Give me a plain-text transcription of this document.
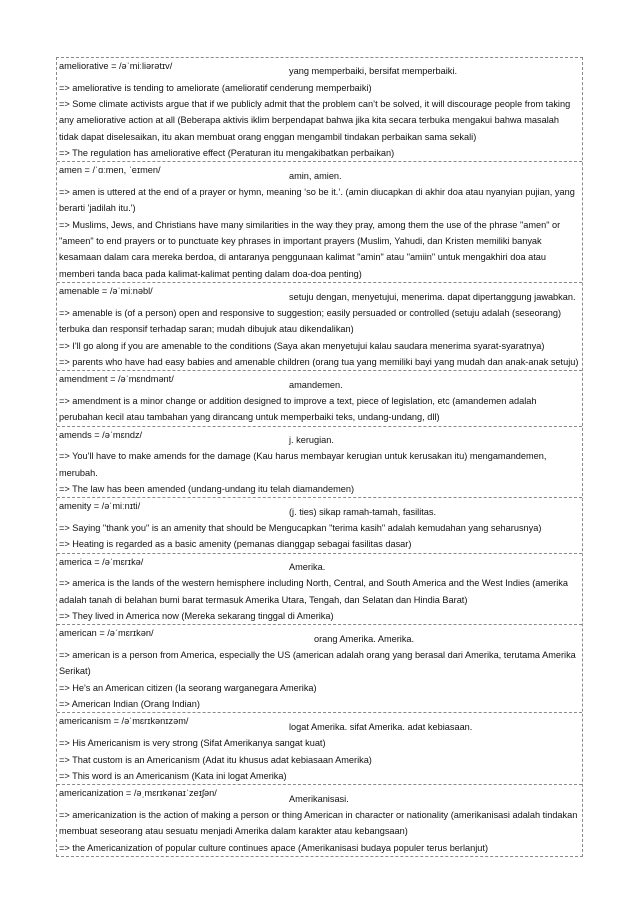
ameliorative = /əˈmiːliərətɪv/yang memperbaiki, bersifat memperbaiki.
=> ameliorative is tending to ameliorate (amelioratif cenderung memperbaiki)
=> Some climate activists argue that if we publicly admit that the problem can’t be solved, it will discourage people from taking any ameliorative action at all (Beberapa aktivis iklim berpendapat bahwa jika kita secara terbuka mengakui bahwa masalah tidak dapat diselesaikan, itu akan membuat orang enggan mengambil tindakan perbaikan sama sekali)
=> The regulation has ameliorative effect (Peraturan itu mengakibatkan perbaikan)
amen = /ˈɑːmen, ˈeɪmen/amin, amien.
=> amen is uttered at the end of a prayer or hymn, meaning ‘so be it.’. (amin diucapkan di akhir doa atau nyanyian pujian, yang berarti 'jadilah itu.')
=> Muslims, Jews, and Christians have many similarities in the way they pray, among them the use of the phrase "amen" or "ameen" to end prayers or to punctuate key phrases in important prayers (Muslim, Yahudi, dan Kristen memiliki banyak kesamaan dalam cara mereka berdoa, di antaranya penggunaan kalimat "amin" atau "amiin" untuk mengakhiri doa atau memberi tanda baca pada kalimat-kalimat penting dalam doa-doa penting)
amenable = /əˈmiːnəbl/setuju dengan, menyetujui, menerima. dapat dipertanggung jawabkan.
=> amenable is (of a person) open and responsive to suggestion; easily persuaded or controlled (setuju adalah (seseorang) terbuka dan responsif terhadap saran; mudah dibujuk atau dikendalikan)
=> I'll go along if you are amenable to the conditions (Saya akan menyetujui kalau saudara menerima syarat-syaratnya)
=> parents who have had easy babies and amenable children (orang tua yang memiliki bayi yang mudah dan anak-anak setuju)
amendment = /əˈmɛndmənt/amandemen.
=> amendment is a minor change or addition designed to improve a text, piece of legislation, etc (amandemen adalah perubahan kecil atau tambahan yang dirancang untuk memperbaiki teks, undang-undang, dll)
amends = /əˈmɛndz/j. kerugian.
=> You'll have to make amends for the damage (Kau harus membayar kerugian untuk kerusakan itu) mengamandemen, merubah.
=> The law has been amended (undang-undang itu telah diamandemen)
amenity = /əˈmiːnɪti/(j. ties) sikap ramah-tamah, fasilitas.
=> Saying "thank you" is an amenity that should be Mengucapkan "terima kasih" adalah kemudahan yang seharusnya)
=> Heating is regarded as a basic amenity (pemanas dianggap sebagai fasilitas dasar)
america = /əˈmɛrɪkə/Amerika.
=> america is the lands of the western hemisphere including North, Central, and South America and the West Indies (amerika adalah tanah di belahan bumi barat termasuk Amerika Utara, Tengah, dan Selatan dan Hindia Barat)
=> They lived in America now (Mereka sekarang tinggal di Amerika)
american = /əˈmɛrɪkən/orang Amerika. Amerika.
=> american is a person from America, especially the US (american adalah orang yang berasal dari Amerika, terutama Amerika Serikat)
=> He's an American citizen (Ia seorang warganegara Amerika)
=> American Indian (Orang Indian)
americanism = /əˈmɛrɪkənɪzəm/logat Amerika. sifat Amerika. adat kebiasaan.
=> His Americanism is very strong (Sifat Amerikanya sangat kuat)
=> That custom is an Americanism (Adat itu khusus adat kebiasaan Amerika)
=> This word is an Americanism (Kata ini logat Amerika)
americanization = /əˌmɛrɪkənaɪˈzeɪʃən/Amerikanisasi.
=> americanization is the action of making a person or thing American in character or nationality (amerikanisasi adalah tindakan membuat seseorang atau sesuatu menjadi Amerika dalam karakter atau kebangsaan)
=> the Americanization of popular culture continues apace (Amerikanisasi budaya populer terus berlanjut)
